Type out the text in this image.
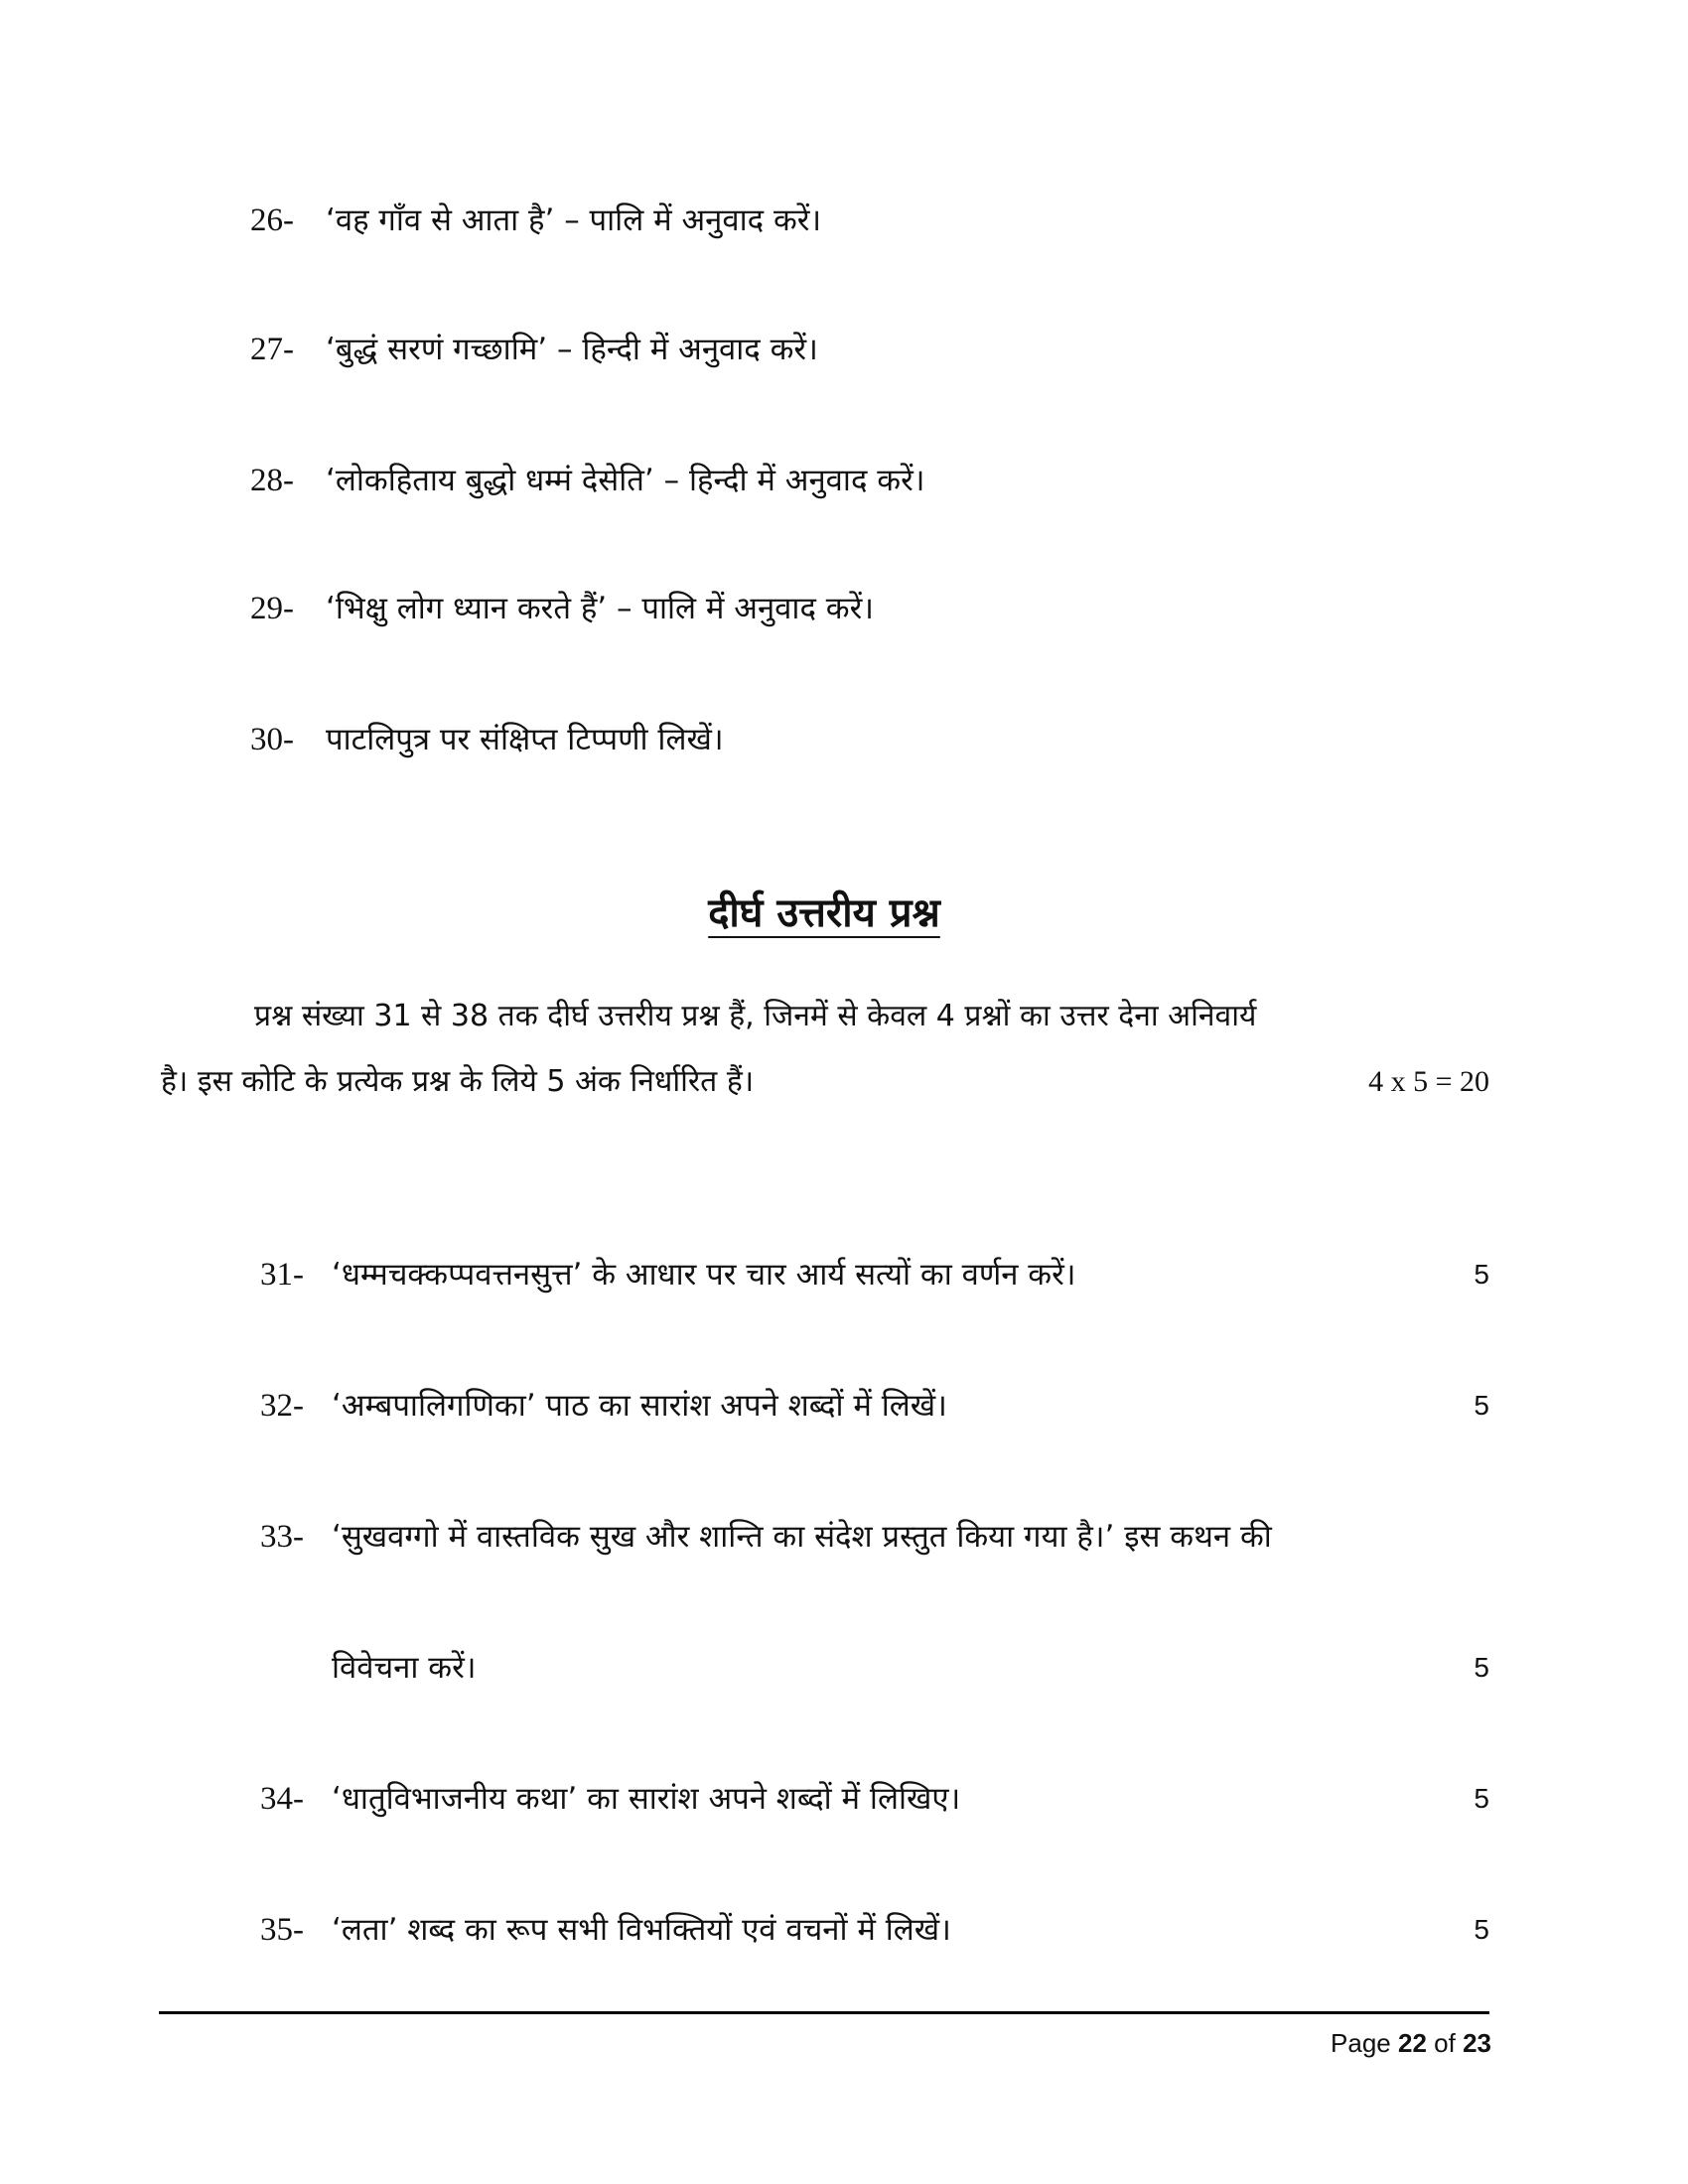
26- ‘वह गाँव से आता है’ – पालि में अनुवाद करें।
27- ‘बुद्धं सरणं गच्छामि’ – हिन्दी में अनुवाद करें।
28- ‘लोकहिताय बुद्धो धम्मं देसेति’ – हिन्दी में अनुवाद करें।
29- ‘भिक्षु लोग ध्यान करते हैं’ – पालि में अनुवाद करें।
30- पाटलिपुत्र पर संक्षिप्त टिप्पणी लिखें।
दीर्घ उत्तरीय प्रश्न
प्रश्न संख्या 31 से 38 तक दीर्घ उत्तरीय प्रश्न हैं, जिनमें से केवल 4 प्रश्नों का उत्तर देना अनिवार्य
है। इस कोटि के प्रत्येक प्रश्न के लिये 5 अंक निर्धारित हैं।	4 x 5 = 20
31- ‘धम्मचक्कप्पवत्तनसुत्त’ के आधार पर चार आर्य सत्यों का वर्णन करें।	5
32- ‘अम्बपालिगणिका’ पाठ का सारांश अपने शब्दों में लिखें।	5
33- ‘सुखवग्गो में वास्तविक सुख और शान्ति का संदेश प्रस्तुत किया गया है।’ इस कथन की
विवेचना करें।	5
34- ‘धातुविभाजनीय कथा’ का सारांश अपने शब्दों में लिखिए।	5
35- ‘लता’ शब्द का रूप सभी विभक्तियों एवं वचनों में लिखें।	5
Page 22 of 23
